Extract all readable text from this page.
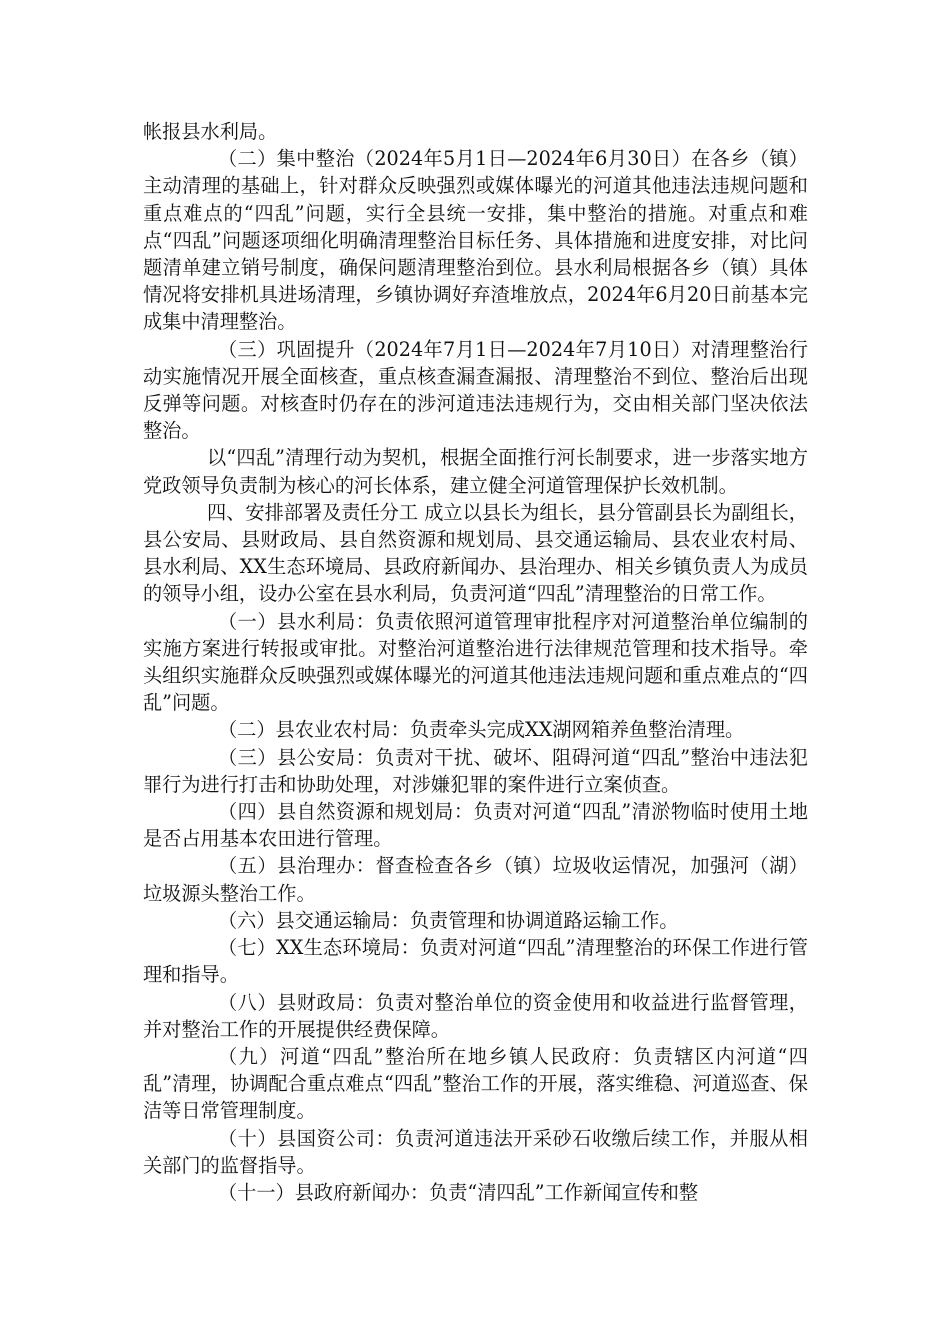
帐报县水利局。

（二）集中整治（2024年5月1日—2024年6月30日）在各乡（镇）主动清理的基础上，针对群众反映强烈或媒体曝光的河道其他违法违规问题和重点难点的“四乱”问题，实行全县统一安排，集中整治的措施。对重点和难点“四乱”问题逐项细化明确清理整治目标任务、具体措施和进度安排，对比问题清单建立销号制度，确保问题清理整治到位。县水利局根据各乡（镇）具体情况将安排机具进场清理，乡镇协调好弃渣堆放点，2024年6月20日前基本完成集中清理整治。

（三）巩固提升（2024年7月1日—2024年7月10日）对清理整治行动实施情况开展全面核查，重点核查漏查漏报、清理整治不到位、整治后出现反弹等问题。对核查时仍存在的涉河道违法违规行为，交由相关部门坚决依法整治。

以“四乱”清理行动为契机，根据全面推行河长制要求，进一步落实地方党政领导负责制为核心的河长体系，建立健全河道管理保护长效机制。

四、安排部署及责任分工 成立以县长为组长，县分管副县长为副组长，县公安局、县财政局、县自然资源和规划局、县交通运输局、县农业农村局、县水利局、XX生态环境局、县政府新闻办、县治理办、相关乡镇负责人为成员的领导小组，设办公室在县水利局，负责河道“四乱”清理整治的日常工作。

（一）县水利局：负责依照河道管理审批程序对河道整治单位编制的实施方案进行转报或审批。对整治河道整治进行法律规范管理和技术指导。牵头组织实施群众反映强烈或媒体曝光的河道其他违法违规问题和重点难点的“四乱”问题。

（二）县农业农村局：负责牵头完成XX湖网箱养鱼整治清理。

（三）县公安局：负责对干扰、破坏、阻碍河道“四乱”整治中违法犯罪行为进行打击和协助处理，对涉嫌犯罪的案件进行立案侦查。

（四）县自然资源和规划局：负责对河道“四乱”清淤物临时使用土地是否占用基本农田进行管理。

（五）县治理办：督查检查各乡（镇）垃圾收运情况，加强河（湖）垃圾源头整治工作。

（六）县交通运输局：负责管理和协调道路运输工作。

（七）XX生态环境局：负责对河道“四乱”清理整治的环保工作进行管理和指导。

（八）县财政局：负责对整治单位的资金使用和收益进行监督管理，并对整治工作的开展提供经费保障。

（九）河道“四乱”整治所在地乡镇人民政府：负责辖区内河道“四乱”清理，协调配合重点难点“四乱”整治工作的开展，落实维稳、河道巡查、保洁等日常管理制度。

（十）县国资公司：负责河道违法开采砂石收缴后续工作，并服从相关部门的监督指导。

（十一）县政府新闻办：负责“清四乱”工作新闻宣传和整
